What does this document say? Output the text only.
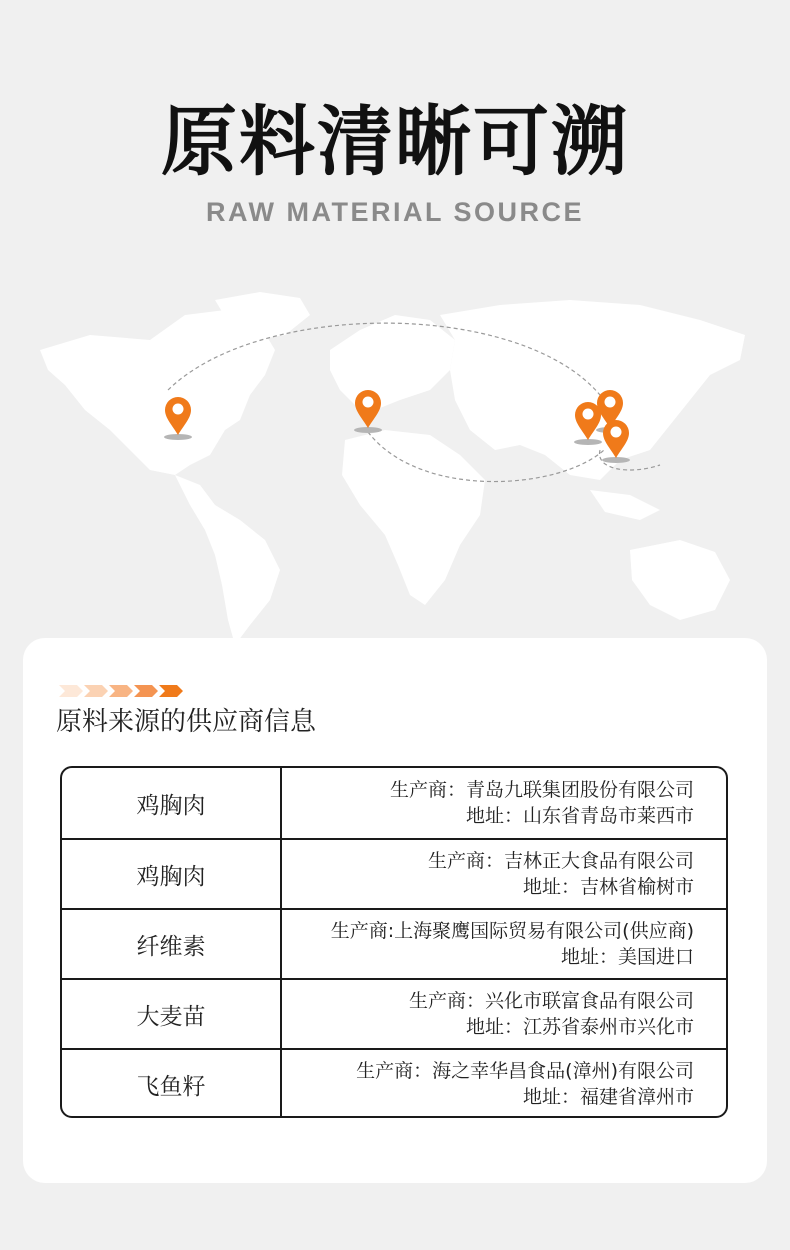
原料清晰可溯
RAW MATERIAL SOURCE
原料来源的供应商信息
鸡胸肉
生产商：青岛九联集团股份有限公司
地址：山东省青岛市莱西市
鸡胸肉
生产商：吉林正大食品有限公司
地址：吉林省榆树市
纤维素
生产商:上海聚鹰国际贸易有限公司(供应商)
地址：美国进口
大麦苗
生产商：兴化市联富食品有限公司
地址：江苏省泰州市兴化市
飞鱼籽
生产商：海之幸华昌食品(漳州)有限公司
地址：福建省漳州市
